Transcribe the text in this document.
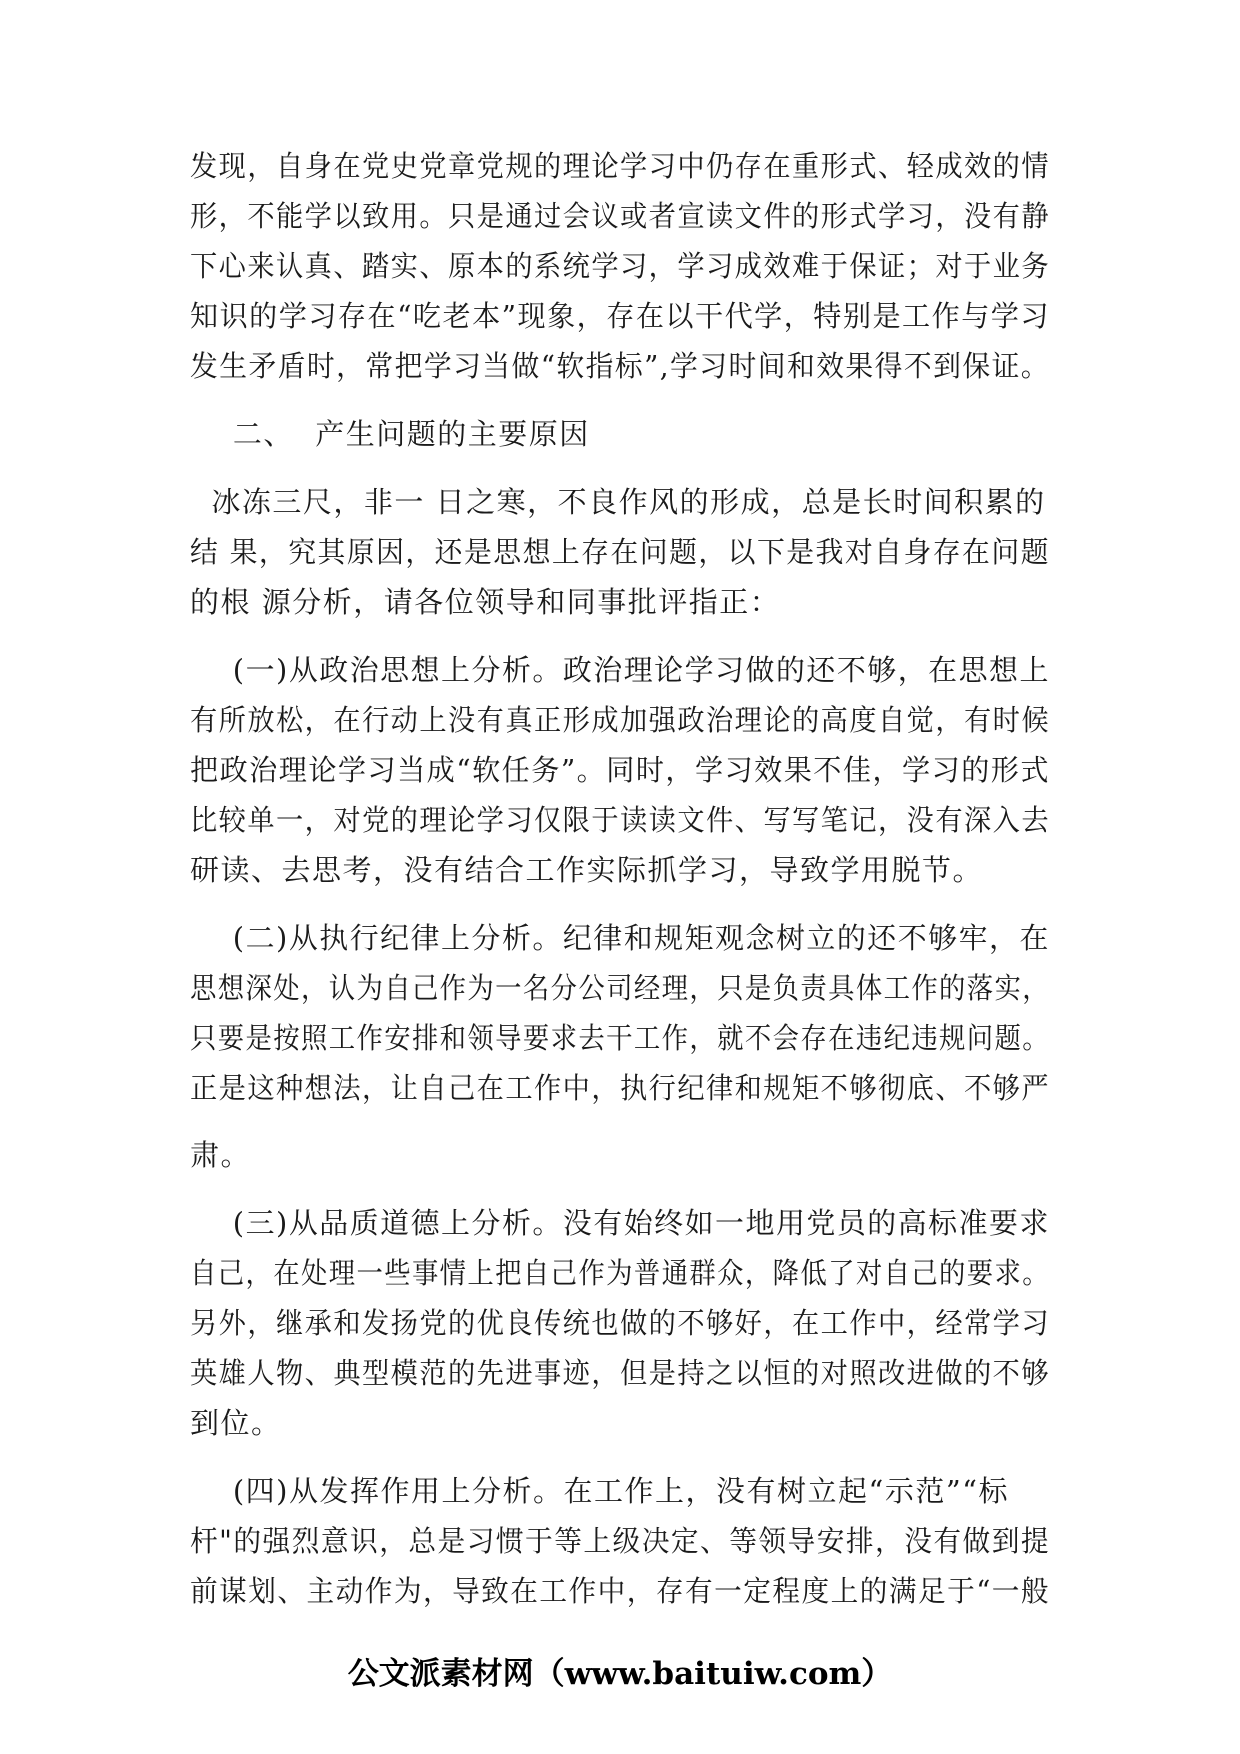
发现，自身在党史党章党规的理论学习中仍存在重形式、轻成效的情
形，不能学以致用。只是通过会议或者宣读文件的形式学习，没有静
下心来认真、踏实、原本的系统学习，学习成效难于保证；对于业务
知识的学习存在“吃老本”现象，存在以干代学，特别是工作与学习
发生矛盾时，常把学习当做“软指标”,学习时间和效果得不到保证。
二、  产生问题的主要原因
冰冻三尺，非一 日之寒，不良作风的形成，总是长时间积累的
结 果，究其原因，还是思想上存在问题，以下是我对自身存在问题
的根 源分析，请各位领导和同事批评指正：
(一)从政治思想上分析。政治理论学习做的还不够，在思想上
有所放松，在行动上没有真正形成加强政治理论的高度自觉，有时候
把政治理论学习当成“软任务”。同时，学习效果不佳，学习的形式
比较单一，对党的理论学习仅限于读读文件、写写笔记，没有深入去
研读、去思考，没有结合工作实际抓学习，导致学用脱节。
(二)从执行纪律上分析。纪律和规矩观念树立的还不够牢，在
思想深处，认为自己作为一名分公司经理，只是负责具体工作的落实，
只要是按照工作安排和领导要求去干工作，就不会存在违纪违规问题。
正是这种想法，让自己在工作中，执行纪律和规矩不够彻底、不够严
肃。
(三)从品质道德上分析。没有始终如一地用党员的高标准要求
自己，在处理一些事情上把自己作为普通群众，降低了对自己的要求。
另外，继承和发扬党的优良传统也做的不够好，在工作中，经常学习
英雄人物、典型模范的先进事迹，但是持之以恒的对照改进做的不够
到位。
(四)从发挥作用上分析。在工作上，没有树立起“示范”“标
杆"的强烈意识，总是习惯于等上级决定、等领导安排，没有做到提
前谋划、主动作为，导致在工作中，存有一定程度上的满足于“一般
公文派素材网（www.baituiw.com）
